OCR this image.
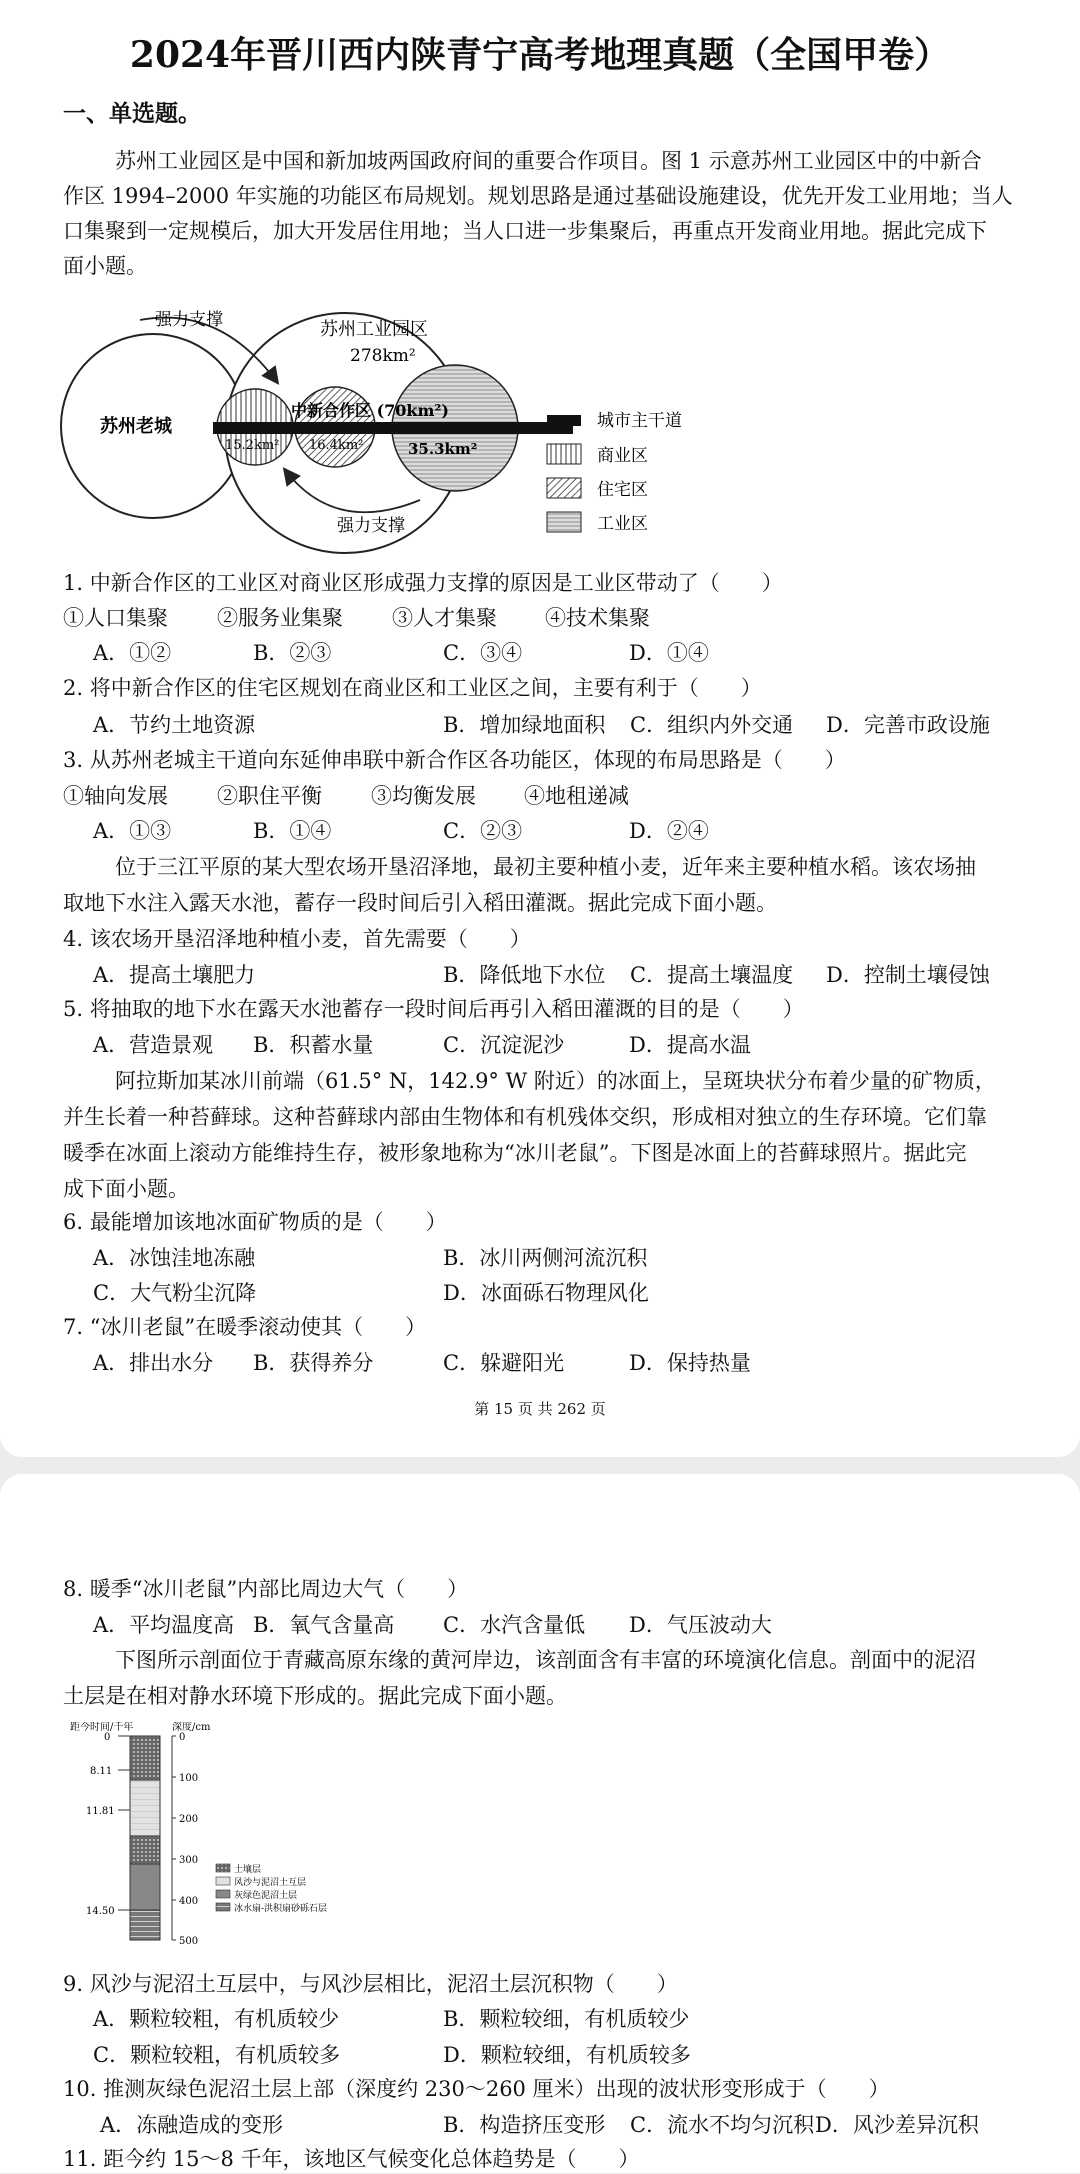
2024年晋川西内陕青宁高考地理真题（全国甲卷）
一、单选题。
苏州工业园区是中国和新加坡两国政府间的重要合作项目。图 1 示意苏州工业园区中的中新合
作区 1994–2000 年实施的功能区布局规划。规划思路是通过基础设施建设，优先开发工业用地；当人
口集聚到一定规模后，加大开发居住用地；当人口进一步集聚后，再重点开发商业用地。据此完成下
面小题。
强力支撑
强力支撑
苏州老城
苏州工业园区
278km²
中新合作区 (70km²)
15.2km² 16.4km²	35.3km²
城市主干道
商业区
住宅区
工业区
1. 中新合作区的工业区对商业区形成强力支撑的原因是工业区带动了（　　）
①人口集聚 ②服务业集聚 ③人才集聚 ④技术集聚
A．①②	B．②③	C．③④	D．①④
2. 将中新合作区的住宅区规划在商业区和工业区之间，主要有利于（　　）
A．节约土地资源	B．增加绿地面积 C．组织内外交通 D．完善市政设施
3. 从苏州老城主干道向东延伸串联中新合作区各功能区，体现的布局思路是（　　）
①轴向发展 ②职住平衡 ③均衡发展 ④地租递减
A．①③	B．①④	C．②③	D．②④
位于三江平原的某大型农场开垦沼泽地，最初主要种植小麦，近年来主要种植水稻。该农场抽
取地下水注入露天水池，蓄存一段时间后引入稻田灌溉。据此完成下面小题。
4. 该农场开垦沼泽地种植小麦，首先需要（　　）
A．提高土壤肥力	B．降低地下水位 C．提高土壤温度 D．控制土壤侵蚀
5. 将抽取的地下水在露天水池蓄存一段时间后再引入稻田灌溉的目的是（　　）
A．营造景观 B．积蓄水量	C．沉淀泥沙	D．提高水温
阿拉斯加某冰川前端（61.5° N，142.9° W 附近）的冰面上，呈斑块状分布着少量的矿物质，
并生长着一种苔藓球。这种苔藓球内部由生物体和有机残体交织，形成相对独立的生存环境。它们靠
暖季在冰面上滚动方能维持生存，被形象地称为“冰川老鼠”。下图是冰面上的苔藓球照片。据此完
成下面小题。
6. 最能增加该地冰面矿物质的是（　　）
A．冰蚀洼地冻融	B．冰川两侧河流沉积
C．大气粉尘沉降	D．冰面砾石物理风化
7. “冰川老鼠”在暖季滚动使其（　　）
A．排出水分 B．获得养分	C．躲避阳光	D．保持热量
第 15 页 共 262 页
8. 暖季“冰川老鼠”内部比周边大气（　　）
A．平均温度高 B．氧气含量高 C．水汽含量低 D．气压波动大
下图所示剖面位于青藏高原东缘的黄河岸边，该剖面含有丰富的环境演化信息。剖面中的泥沼
土层是在相对静水环境下形成的。据此完成下面小题。
距今时间/千年	深度/cm
0
8.11
11.81
14.50
0
100
200
300
400
500
土壤层
风沙与泥沼土互层
灰绿色泥沼土层
冰水扇-洪积扇砂砾石层
9. 风沙与泥沼土互层中，与风沙层相比，泥沼土层沉积物（　　）
A．颗粒较粗，有机质较少	B．颗粒较细，有机质较少
C．颗粒较粗，有机质较多	D．颗粒较细，有机质较多
10. 推测灰绿色泥沼土层上部（深度约 230～260 厘米）出现的波状形变形成于（　　）
A．冻融造成的变形	B．构造挤压变形 C．流水不均匀沉积 D．风沙差异沉积
11. 距今约 15～8 千年，该地区气候变化总体趋势是（　　）
